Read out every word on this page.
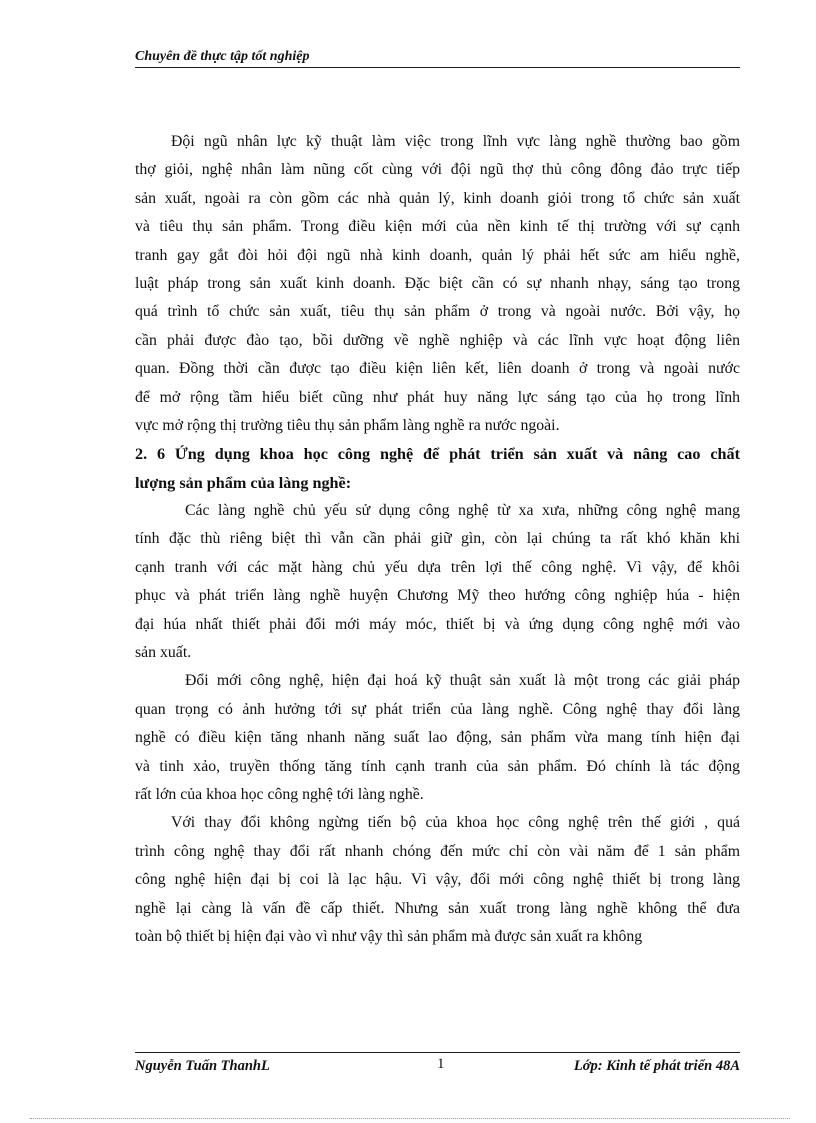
Chuyên đề thực tập tốt nghiệp
Đội ngũ nhân lực kỹ thuật làm việc trong lĩnh vực làng nghề thường bao gồm
thợ giỏi, nghệ nhân làm nũng cốt cùng với đội ngũ thợ thủ công đông đảo trực tiếp
sản xuất, ngoài ra còn gồm các nhà quản lý, kinh doanh giỏi trong tổ chức sản xuất
và tiêu thụ sản phẩm. Trong điều kiện mới của nền kinh tế thị trường với sự cạnh
tranh gay gắt đòi hỏi đội ngũ nhà kinh doanh, quản lý phải hết sức am hiểu nghề,
luật pháp trong sản xuất kinh doanh. Đặc biệt cần có sự nhanh nhạy, sáng tạo trong
quá trình tổ chức sản xuất, tiêu thụ sản phẩm ở trong và ngoài nước. Bởi vậy, họ
cần phải được đào tạo, bồi dưỡng về nghề nghiệp và các lĩnh vực hoạt động liên
quan. Đồng thời cần được tạo điều kiện liên kết, liên doanh ở trong và ngoài nước
để mở rộng tầm hiểu biết cũng như phát huy năng lực sáng tạo của họ trong lĩnh
vực mở rộng thị trường tiêu thụ sản phẩm làng nghề ra nước ngoài.
2. 6 Ứng dụng khoa học công nghệ để phát triển sản xuất và nâng cao chất
lượng sản phẩm của làng nghề:
Các làng nghề chủ yếu sử dụng công nghệ từ xa xưa, những công nghệ mang
tính đặc thù riêng biệt thì vẫn cần phải giữ gìn, còn lại chúng ta rất khó khăn khi
cạnh tranh với các mặt hàng chủ yếu dựa trên lợi thế công nghệ. Vì vậy, để khôi
phục và phát triển làng nghề huyện Chương Mỹ theo hướng công nghiệp húa - hiện
đại húa nhất thiết phải đổi mới máy móc, thiết bị và ứng dụng công nghệ mới vào
sản xuất.
Đổi mới công nghệ, hiện đại hoá kỹ thuật sản xuất là một trong các giải pháp
quan trọng có ảnh hưởng tới sự phát triển của làng nghề. Công nghệ thay đổi làng
nghề có điều kiện tăng nhanh năng suất lao động, sản phẩm vừa mang tính hiện đại
và tinh xảo, truyền thống tăng tính cạnh tranh của sản phẩm. Đó chính là tác động
rất lớn của khoa học công nghệ tới làng nghề.
Với thay đổi không ngừng tiến bộ của khoa học công nghệ trên thế giới , quá
trình công nghệ thay đổi rất nhanh chóng đến mức chỉ còn vài năm để 1 sản phẩm
công nghệ hiện đại bị coi là lạc hậu. Vì vậy, đổi mới công nghệ thiết bị trong làng
nghề lại càng là vấn đề cấp thiết. Nhưng sản xuất trong làng nghề không thể đưa
toàn bộ thiết bị hiện đại vào vì như vậy thì sản phẩm mà được sản xuất ra không
Nguyễn Tuấn ThanhL	1	Lớp: Kinh tế phát triển 48A
